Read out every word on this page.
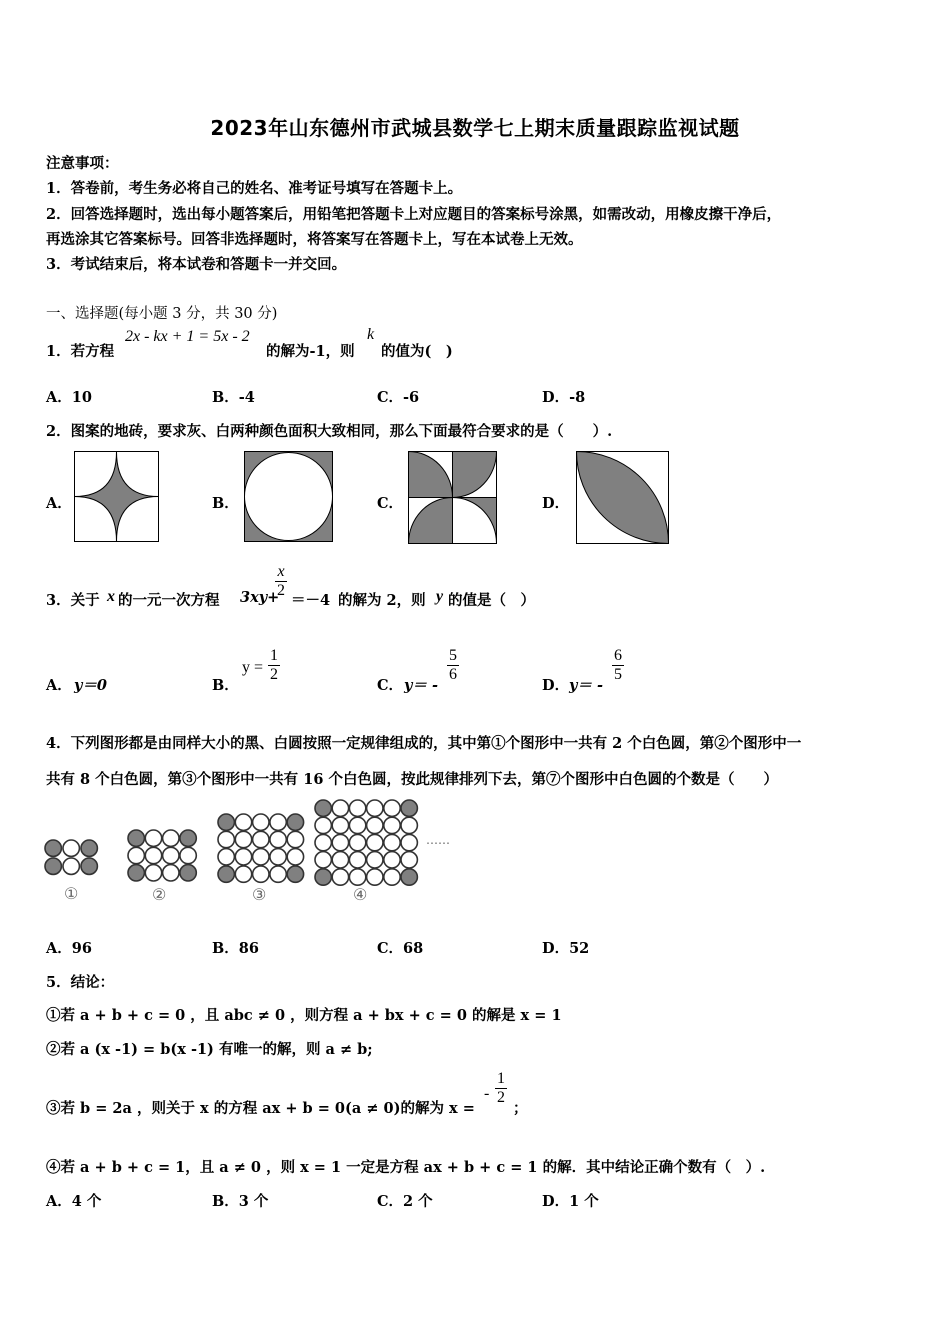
2023年山东德州市武城县数学七上期末质量跟踪监视试题
注意事项：
1．答卷前，考生务必将自己的姓名、准考证号填写在答题卡上。
2．回答选择题时，选出每小题答案后，用铅笔把答题卡上对应题目的答案标号涂黑，如需改动，用橡皮擦干净后，
再选涂其它答案标号。回答非选择题时，将答案写在答题卡上，写在本试卷上无效。
3．考试结束后，将本试卷和答题卡一并交回。
一、选择题(每小题 3 分，共 30 分)
1．若方程
2x - kx + 1 = 5x - 2
的解为-1，则
k
的值为(　)
A．10	B．-4	C．-6	D．-8
2．图案的地砖，要求灰、白两种颜色面积大致相同，那么下面最符合要求的是（　　）.
A．	B．	C．	D．
3．关于 x 的一元一次方程 3xy+
x
2
＝－4 的解为 2，则 y 的值是（　）
A． y＝0	B．
y =
1
2
C． y＝ -
5
6
D． y＝ -
6
5
4．下列图形都是由同样大小的黑、白圆按照一定规律组成的，其中第①个图形中一共有 2 个白色圆，第②个图形中一
共有 8 个白色圆，第③个图形中一共有 16 个白色圆，按此规律排列下去，第⑦个图形中白色圆的个数是（　　）
①	②	③	④
……
A．96	B．86	C．68	D．52
5．结论：
①若 a + b + c = 0 ，且 abc ≠ 0 ，则方程 a + bx + c = 0 的解是 x = 1
②若 a (x -1) = b(x -1) 有唯一的解，则 a ≠ b;
③若 b = 2a ，则关于 x 的方程 ax + b = 0(a ≠ 0)的解为 x =
-
1
2
；
④若 a + b + c = 1，且 a ≠ 0 ，则 x = 1 一定是方程 ax + b + c = 1 的解．其中结论正确个数有（　）.
A．4 个	B．3 个	C．2 个	D．1 个
